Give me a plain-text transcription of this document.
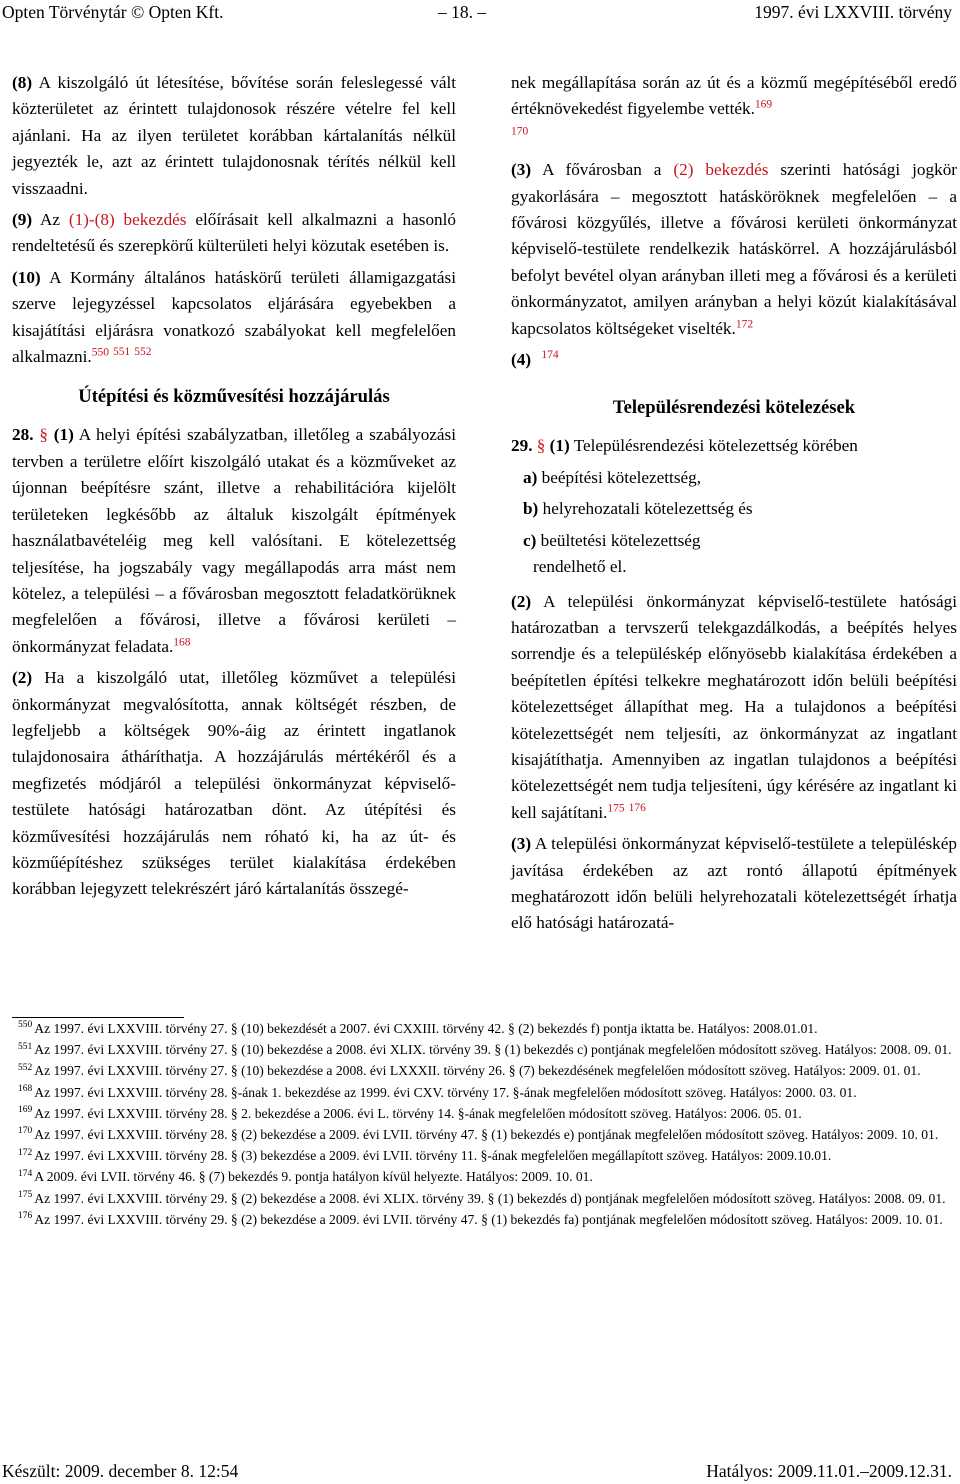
Opten Törvénytár © Opten Kft.	– 18. –	1997. évi LXXVIII. törvény

(8) A kiszolgáló út létesítése, bővítése során feleslegessé vált közterületet az érintett tulajdonosok részére vételre fel kell ajánlani. Ha az ilyen területet korábban kártalanítás nélkül jegyezték le, azt az érintett tulajdonosnak térítés nélkül kell visszaadni.

(9) Az (1)-(8) bekezdés előírásait kell alkalmazni a hasonló rendeltetésű és szerepkörű külterületi helyi közutak esetében is.

(10) A Kormány általános hatáskörű területi államigazgatási szerve lejegyzéssel kapcsolatos eljárására egyebekben a kisajátítási eljárásra vonatkozó szabályokat kell megfelelően alkalmazni.$^{550}$ $^{551}$ $^{552}$

Útépítési és közművesítési hozzájárulás

28. § (1) A helyi építési szabályzatban, illetőleg a szabályozási tervben a területre előírt kiszolgáló utakat és a közműveket az újonnan beépítésre szánt, illetve a rehabilitációra kijelölt területeken legkésőbb az általuk kiszolgált építmények használatbavételéig meg kell valósítani. E kötelezettség teljesítése, ha jogszabály vagy megállapodás arra mást nem kötelez, a települési – a fővárosban megosztott feladatkörüknek megfelelően a fővárosi, illetve a fővárosi kerületi – önkormányzat feladata.$^{168}$

(2) Ha a kiszolgáló utat, illetőleg közművet a települési önkormányzat megvalósította, annak költségét részben, de legfeljebb a költségek 90%-áig az érintett ingatlanok tulajdonosaira átháríthatja. A hozzájárulás mértékéről és a megfizetés módjáról a települési önkormányzat képviselő-testülete hatósági határozatban dönt. Az útépítési és közművesítési hozzájárulás nem róható ki, ha az út- és közműépítéshez szükséges terület kialakítása érdekében korábban lejegyzett telekrészért járó kártalanítás összegé-

nek megállapítása során az út és a közmű megépítéséből eredő értéknövekedést figyelembe vették.$^{169}$
$^{170}$

(3) A fővárosban a (2) bekezdés szerinti hatósági jogkör gyakorlására – megosztott hatásköröknek megfelelően – a fővárosi közgyűlés, illetve a fővárosi kerületi önkormányzat képviselő-testülete rendelkezik hatáskörrel. A hozzájárulásból befolyt bevétel olyan arányban illeti meg a fővárosi és a kerületi önkormányzatot, amilyen arányban a helyi közút kialakításával kapcsolatos költségeket viselték.$^{172}$

(4) $^{174}$

Településrendezési kötelezések

29. § (1) Településrendezési kötelezettség körében

a) beépítési kötelezettség,

b) helyrehozatali kötelezettség és

c) beültetési kötelezettség

rendelhető el.

(2) A települési önkormányzat képviselő-testülete hatósági határozatban a tervszerű telekgazdálkodás, a beépítés helyes sorrendje és a településkép előnyösebb kialakítása érdekében a beépítetlen építési telkekre meghatározott időn belüli beépítési kötelezettséget állapíthat meg. Ha a tulajdonos a beépítési kötelezettségét nem teljesíti, az önkormányzat az ingatlant kisajátíthatja. Amennyiben az ingatlan tulajdonos a beépítési kötelezettségét nem tudja teljesíteni, úgy kérésére az ingatlant ki kell sajátítani.$^{175}$ $^{176}$

(3) A települési önkormányzat képviselő-testülete a településkép javítása érdekében az azt rontó állapotú építmények meghatározott időn belüli helyrehozatali kötelezettségét írhatja elő hatósági határozatá-

$^{550}$ Az 1997. évi LXXVIII. törvény 27. § (10) bekezdését a 2007. évi CXXIII. törvény 42. § (2) bekezdés f) pontja iktatta be. Hatályos: 2008.01.01.

$^{551}$ Az 1997. évi LXXVIII. törvény 27. § (10) bekezdése a 2008. évi XLIX. törvény 39. § (1) bekezdés c) pontjának megfelelően módosított szöveg. Hatályos: 2008. 09. 01.

$^{552}$ Az 1997. évi LXXVIII. törvény 27. § (10) bekezdése a 2008. évi LXXXII. törvény 26. § (7) bekezdésének megfelelően módosított szöveg. Hatályos: 2009. 01. 01.

$^{168}$ Az 1997. évi LXXVIII. törvény 28. §-ának 1. bekezdése az 1999. évi CXV. törvény 17. §-ának megfelelően módosított szöveg. Hatályos: 2000. 03. 01.

$^{169}$ Az 1997. évi LXXVIII. törvény 28. § 2. bekezdése a 2006. évi L. törvény 14. §-ának megfelelően módosított szöveg. Hatályos: 2006. 05. 01.

$^{170}$ Az 1997. évi LXXVIII. törvény 28. § (2) bekezdése a 2009. évi LVII. törvény 47. § (1) bekezdés e) pontjának megfelelően módosított szöveg. Hatályos: 2009. 10. 01.

$^{172}$ Az 1997. évi LXXVIII. törvény 28. § (3) bekezdése a 2009. évi LVII. törvény 11. §-ának megfelelően megállapított szöveg. Hatályos: 2009.10.01.

$^{174}$ A 2009. évi LVII. törvény 46. § (7) bekezdés 9. pontja hatályon kívül helyezte. Hatályos: 2009. 10. 01.

$^{175}$ Az 1997. évi LXXVIII. törvény 29. § (2) bekezdése a 2008. évi XLIX. törvény 39. § (1) bekezdés d) pontjának megfelelően módosított szöveg. Hatályos: 2008. 09. 01.

$^{176}$ Az 1997. évi LXXVIII. törvény 29. § (2) bekezdése a 2009. évi LVII. törvény 47. § (1) bekezdés fa) pontjának megfelelően módosított szöveg. Hatályos: 2009. 10. 01.

Készült: 2009. december 8. 12:54	Hatályos: 2009.11.01.–2009.12.31.
